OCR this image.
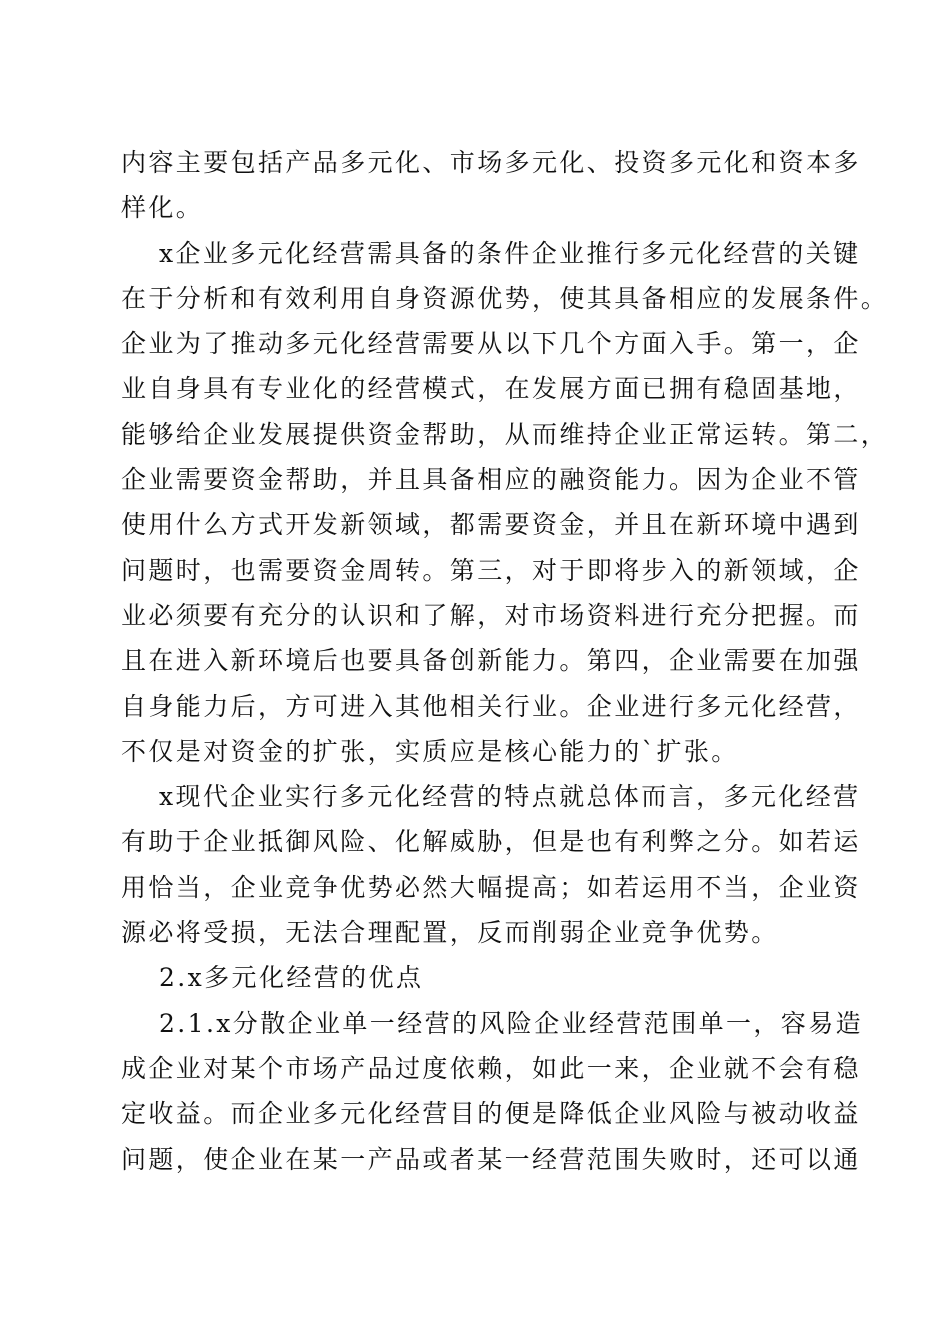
内容主要包括产品多元化、市场多元化、投资多元化和资本多
样化。
x企业多元化经营需具备的条件企业推行多元化经营的关键
在于分析和有效利用自身资源优势，使其具备相应的发展条件。
企业为了推动多元化经营需要从以下几个方面入手。第一，企
业自身具有专业化的经营模式，在发展方面已拥有稳固基地，
能够给企业发展提供资金帮助，从而维持企业正常运转。第二，
企业需要资金帮助，并且具备相应的融资能力。因为企业不管
使用什么方式开发新领域，都需要资金，并且在新环境中遇到
问题时，也需要资金周转。第三，对于即将步入的新领域，企
业必须要有充分的认识和了解，对市场资料进行充分把握。而
且在进入新环境后也要具备创新能力。第四，企业需要在加强
自身能力后，方可进入其他相关行业。企业进行多元化经营，
不仅是对资金的扩张，实质应是核心能力的`扩张。
x现代企业实行多元化经营的特点就总体而言，多元化经营
有助于企业抵御风险、化解威胁，但是也有利弊之分。如若运
用恰当，企业竞争优势必然大幅提高；如若运用不当，企业资
源必将受损，无法合理配置，反而削弱企业竞争优势。
2.x多元化经营的优点
2.1.x分散企业单一经营的风险企业经营范围单一，容易造
成企业对某个市场产品过度依赖，如此一来，企业就不会有稳
定收益。而企业多元化经营目的便是降低企业风险与被动收益
问题，使企业在某一产品或者某一经营范围失败时，还可以通
